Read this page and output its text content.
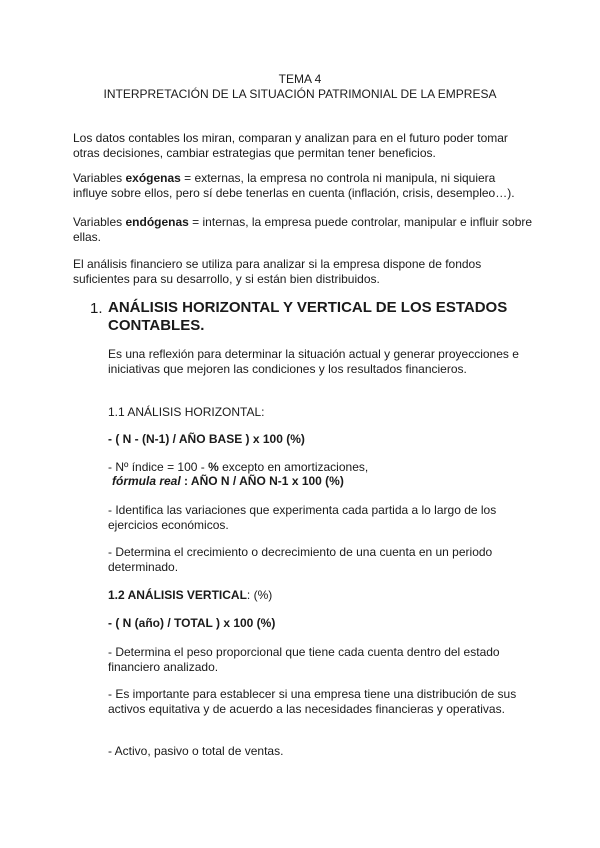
TEMA 4
INTERPRETACIÓN DE LA SITUACIÓN PATRIMONIAL DE LA EMPRESA
Los datos contables los miran, comparan y analizan para en el futuro poder tomar otras decisiones, cambiar estrategias que permitan tener beneficios.
Variables exógenas = externas, la empresa no controla ni manipula, ni siquiera influye sobre ellos, pero sí debe tenerlas en cuenta (inflación, crisis, desempleo…).
Variables endógenas = internas, la empresa puede controlar, manipular e influir sobre ellas.
El análisis financiero se utiliza para analizar si la empresa dispone de fondos suficientes para su desarrollo, y si están bien distribuidos.
1. ANÁLISIS HORIZONTAL Y VERTICAL DE LOS ESTADOS CONTABLES.
Es una reflexión para determinar la situación actual y generar proyecciones e iniciativas que mejoren las condiciones y los resultados financieros.
1.1 ANÁLISIS HORIZONTAL:
- ( N - (N-1) / AÑO BASE ) x 100 (%)
- Nº índice = 100 - % excepto en amortizaciones,
fórmula real : AÑO N / AÑO N-1 x 100 (%)
- Identifica las variaciones que experimenta cada partida a lo largo de los ejercicios económicos.
- Determina el crecimiento o decrecimiento de una cuenta en un periodo determinado.
1.2 ANÁLISIS VERTICAL: (%)
- ( N (año) / TOTAL ) x 100 (%)
- Determina el peso proporcional que tiene cada cuenta dentro del estado financiero analizado.
- Es importante para establecer si una empresa tiene una distribución de sus activos equitativa y de acuerdo a las necesidades financieras y operativas.
- Activo, pasivo o total de ventas.
